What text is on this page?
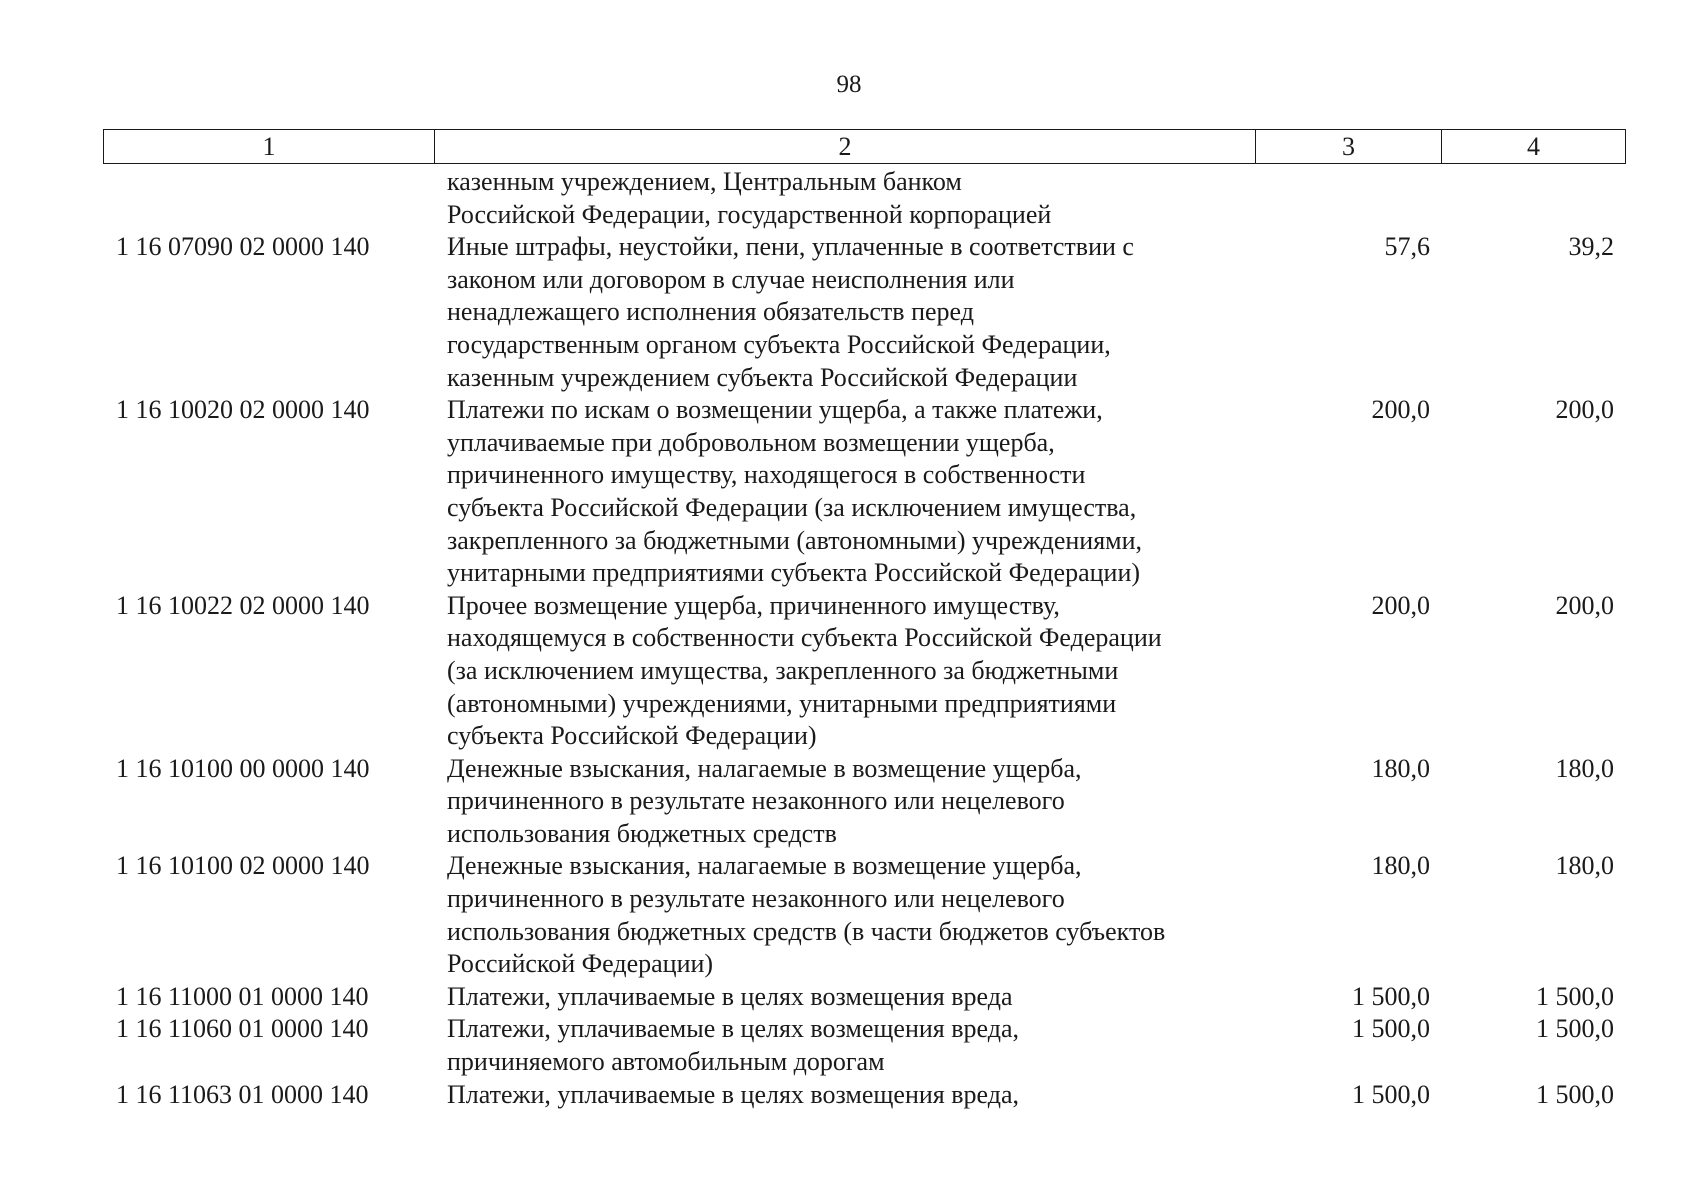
98
1	2	3	4
казенным учреждением, Центральным банком
Российской Федерации, государственной корпорацией
1 16 07090 02 0000 140	Иные штрафы, неустойки, пени, уплаченные в соответствии с
законом или договором в случае неисполнения или
ненадлежащего исполнения обязательств перед
государственным органом субъекта Российской Федерации,
казенным учреждением субъекта Российской Федерации
57,6	39,2
1 16 10020 02 0000 140	Платежи по искам о возмещении ущерба, а также платежи,
уплачиваемые при добровольном возмещении ущерба,
причиненного имуществу, находящегося в собственности
субъекта Российской Федерации (за исключением имущества,
закрепленного за бюджетными (автономными) учреждениями,
унитарными предприятиями субъекта Российской Федерации)
200,0	200,0
1 16 10022 02 0000 140	Прочее возмещение ущерба, причиненного имуществу,
находящемуся в собственности субъекта Российской Федерации
(за исключением имущества, закрепленного за бюджетными
(автономными) учреждениями, унитарными предприятиями
субъекта Российской Федерации)
200,0	200,0
1 16 10100 00 0000 140	Денежные взыскания, налагаемые в возмещение ущерба,
причиненного в результате незаконного или нецелевого
использования бюджетных средств
180,0	180,0
1 16 10100 02 0000 140	Денежные взыскания, налагаемые в возмещение ущерба,
причиненного в результате незаконного или нецелевого
использования бюджетных средств (в части бюджетов субъектов
Российской Федерации)
180,0	180,0
1 16 11000 01 0000 140	Платежи, уплачиваемые в целях возмещения вреда	1 500,0	1 500,0
1 16 11060 01 0000 140	Платежи, уплачиваемые в целях возмещения вреда,
причиняемого автомобильным дорогам
1 500,0	1 500,0
1 16 11063 01 0000 140	Платежи, уплачиваемые в целях возмещения вреда,	1 500,0	1 500,0
